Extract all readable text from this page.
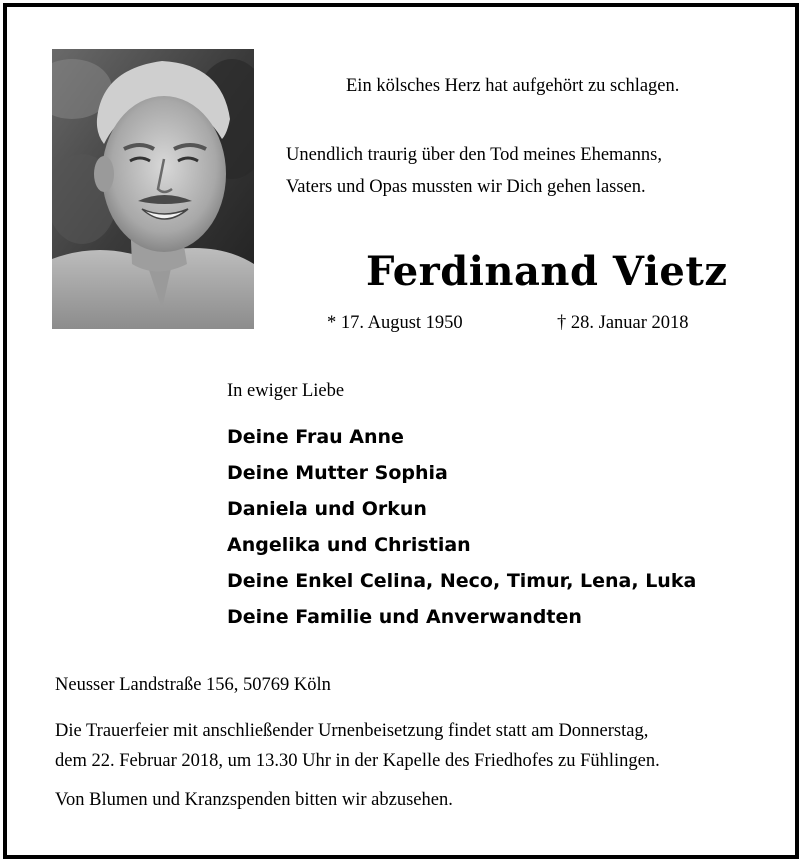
Ein kölsches Herz hat aufgehört zu schlagen.
Unendlich traurig über den Tod meines Ehemanns,
Vaters und Opas mussten wir Dich gehen lassen.
Ferdinand Vietz
* 17. August 1950	† 28. Januar 2018
In ewiger Liebe
Deine Frau Anne
Deine Mutter Sophia
Daniela und Orkun
Angelika und Christian
Deine Enkel Celina, Neco, Timur, Lena, Luka
Deine Familie und Anverwandten
Neusser Landstraße 156, 50769 Köln
Die Trauerfeier mit anschließender Urnenbeisetzung findet statt am Donnerstag,
dem 22. Februar 2018, um 13.30 Uhr in der Kapelle des Friedhofes zu Fühlingen.
Von Blumen und Kranzspenden bitten wir abzusehen.
